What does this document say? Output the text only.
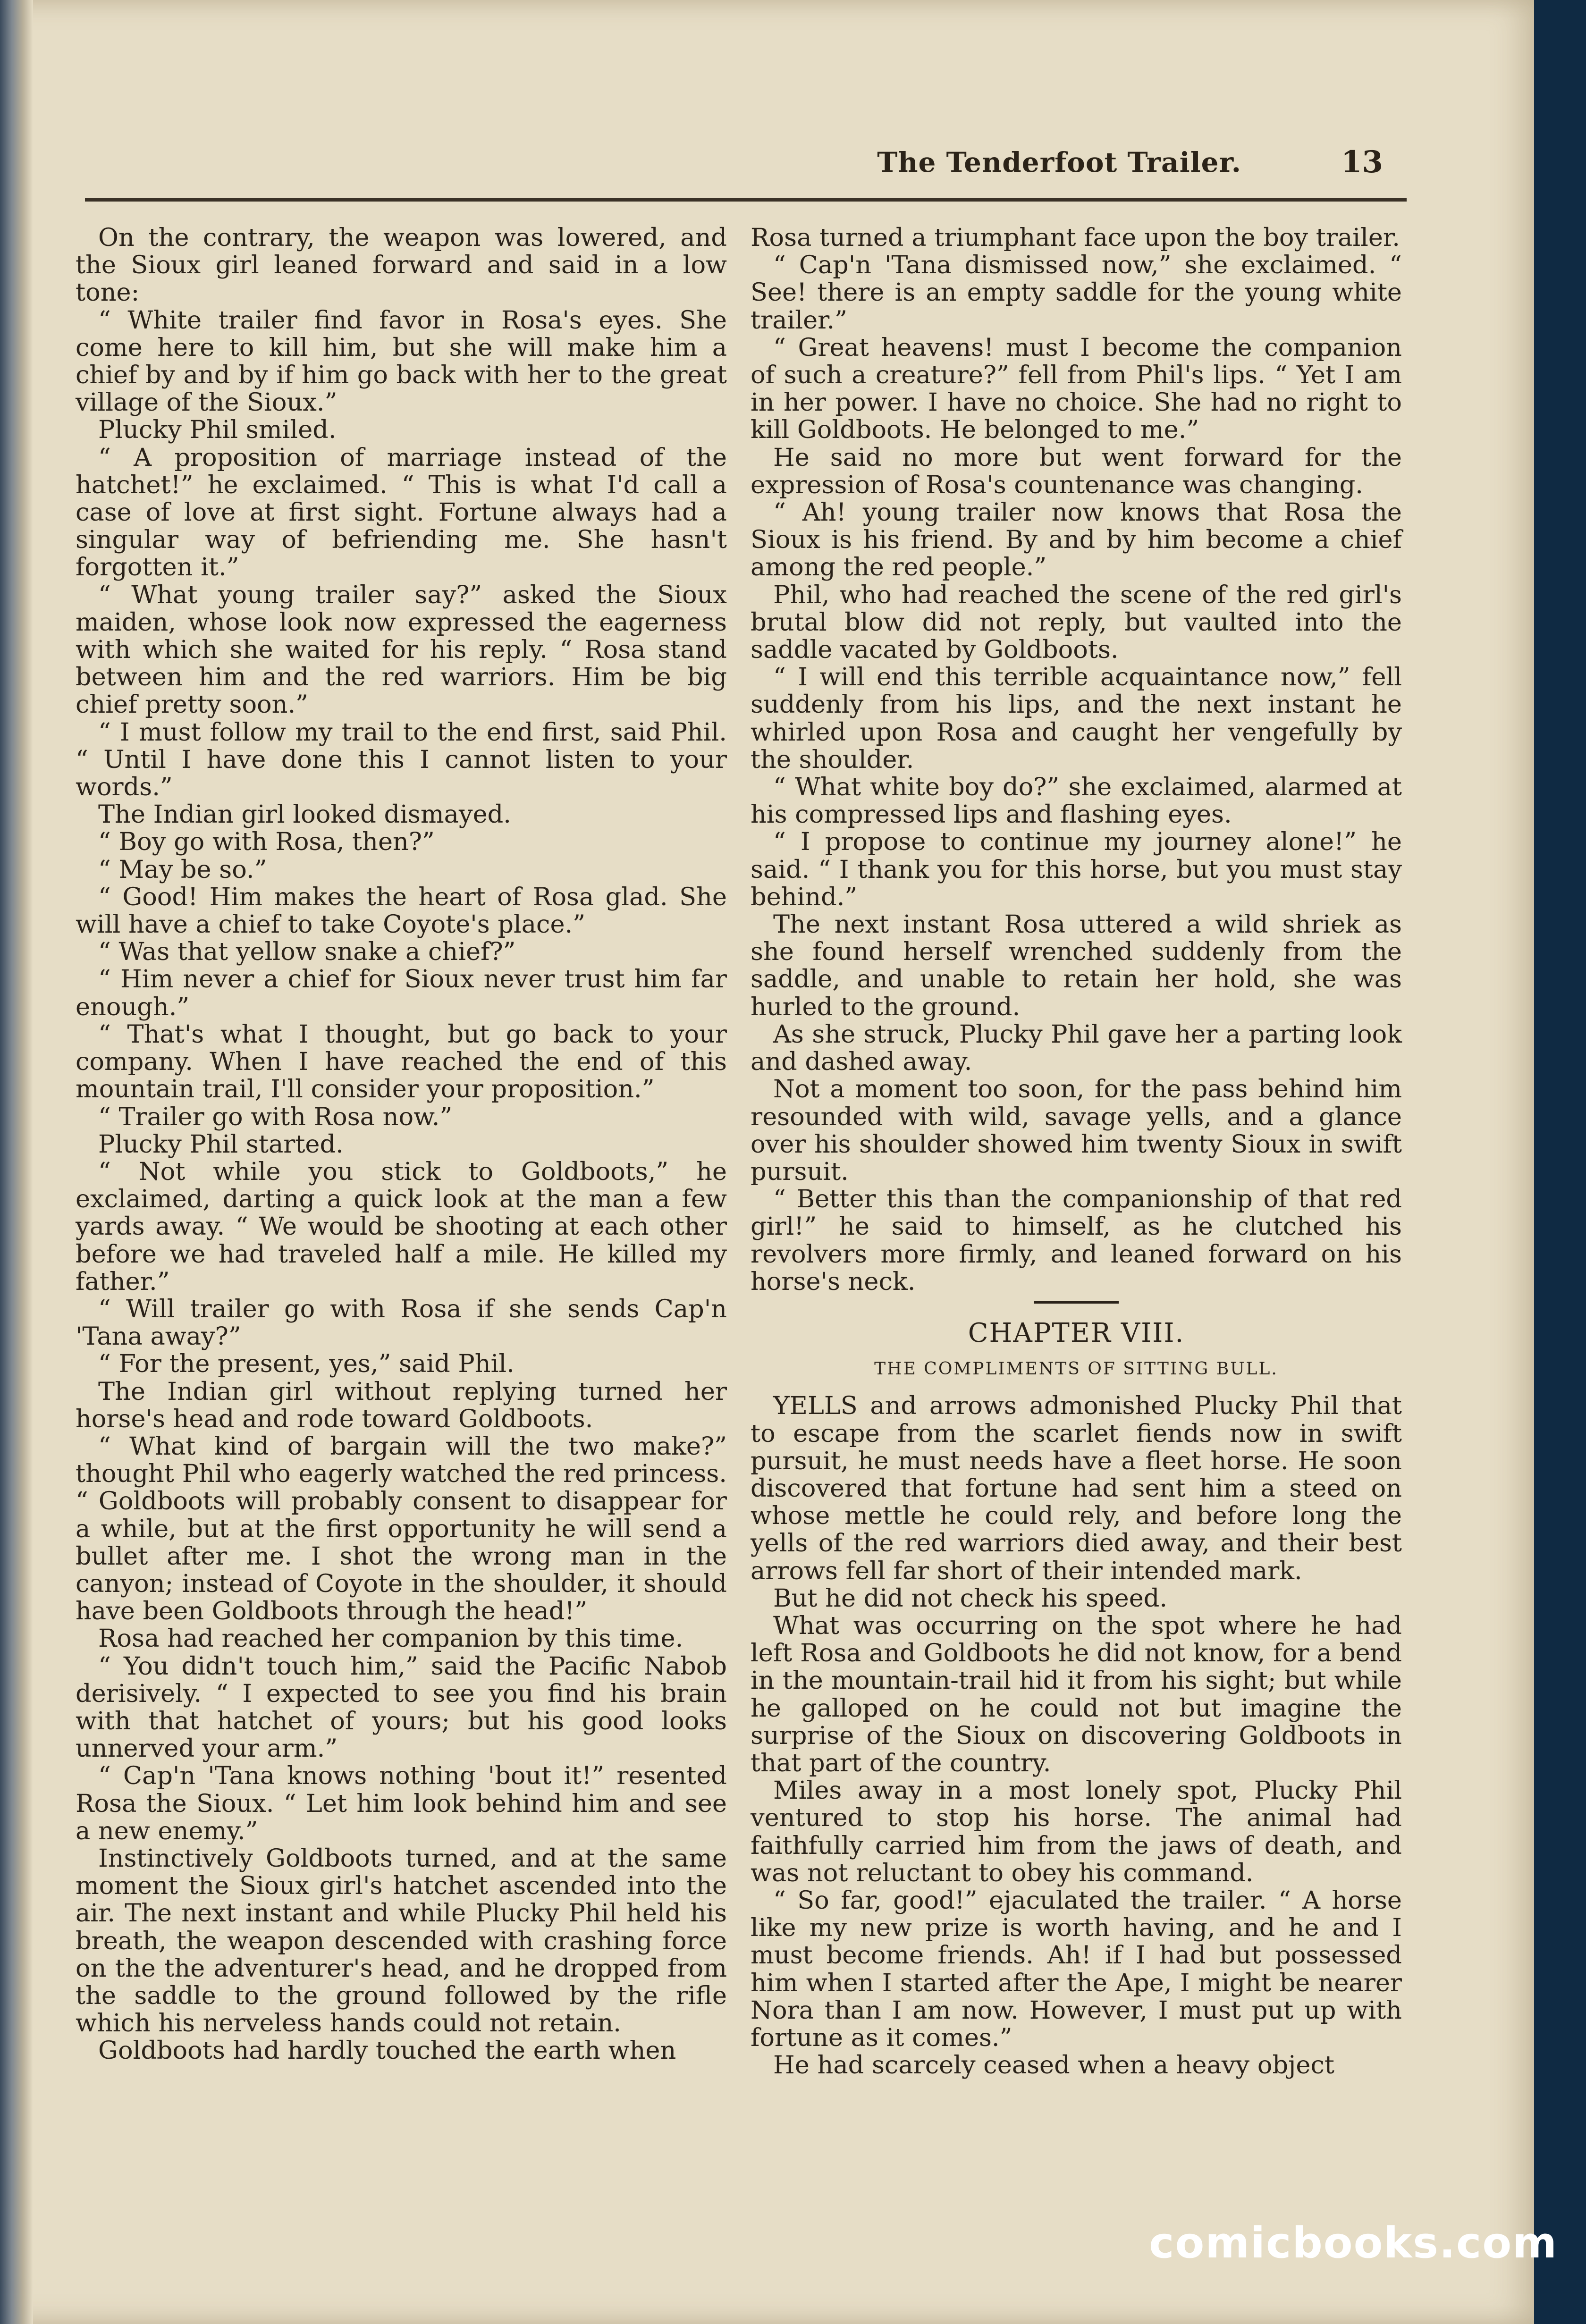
The Tenderfoot Trailer.	13

On the contrary, the weapon was lowered, and the Sioux girl leaned forward and said in a low tone:

“ White trailer find favor in Rosa's eyes. She come here to kill him, but she will make him a chief by and by if him go back with her to the great village of the Sioux.”

Plucky Phil smiled.

“ A proposition of marriage instead of the hatchet!” he exclaimed. “ This is what I'd call a case of love at first sight. Fortune always had a singular way of befriending me. She hasn't forgotten it.”

“ What young trailer say?” asked the Sioux maiden, whose look now expressed the eagerness with which she waited for his reply. “ Rosa stand between him and the red warriors. Him be big chief pretty soon.”

“ I must follow my trail to the end first, said Phil. “ Until I have done this I cannot listen to your words.”

The Indian girl looked dismayed.

“ Boy go with Rosa, then?”

“ May be so.”

“ Good! Him makes the heart of Rosa glad. She will have a chief to take Coyote's place.”

“ Was that yellow snake a chief?”

“ Him never a chief for Sioux never trust him far enough.”

“ That's what I thought, but go back to your company. When I have reached the end of this mountain trail, I'll consider your proposition.”

“ Trailer go with Rosa now.”

Plucky Phil started.

“ Not while you stick to Goldboots,” he exclaimed, darting a quick look at the man a few yards away. “ We would be shooting at each other before we had traveled half a mile. He killed my father.”

“ Will trailer go with Rosa if she sends Cap'n 'Tana away?”

“ For the present, yes,” said Phil.

The Indian girl without replying turned her horse's head and rode toward Goldboots.

“ What kind of bargain will the two make?” thought Phil who eagerly watched the red princess. “ Goldboots will probably consent to disappear for a while, but at the first opportunity he will send a bullet after me. I shot the wrong man in the canyon; instead of Coyote in the shoulder, it should have been Goldboots through the head!”

Rosa had reached her companion by this time.

“ You didn't touch him,” said the Pacific Nabob derisively. “ I expected to see you find his brain with that hatchet of yours; but his good looks unnerved your arm.”

“ Cap'n 'Tana knows nothing 'bout it!” resented Rosa the Sioux. “ Let him look behind him and see a new enemy.”

Instinctively Goldboots turned, and at the same moment the Sioux girl's hatchet ascended into the air. The next instant and while Plucky Phil held his breath, the weapon descended with crashing force on the the adventurer's head, and he dropped from the saddle to the ground followed by the rifle which his nerveless hands could not retain.

Goldboots had hardly touched the earth when

Rosa turned a triumphant face upon the boy trailer.

“ Cap'n 'Tana dismissed now,” she exclaimed. “ See! there is an empty saddle for the young white trailer.”

“ Great heavens! must I become the companion of such a creature?” fell from Phil's lips. “ Yet I am in her power. I have no choice. She had no right to kill Goldboots. He belonged to me.”

He said no more but went forward for the expression of Rosa's countenance was changing.

“ Ah! young trailer now knows that Rosa the Sioux is his friend. By and by him become a chief among the red people.”

Phil, who had reached the scene of the red girl's brutal blow did not reply, but vaulted into the saddle vacated by Goldboots.

“ I will end this terrible acquaintance now,” fell suddenly from his lips, and the next instant he whirled upon Rosa and caught her vengefully by the shoulder.

“ What white boy do?” she exclaimed, alarmed at his compressed lips and flashing eyes.

“ I propose to continue my journey alone!” he said. “ I thank you for this horse, but you must stay behind.”

The next instant Rosa uttered a wild shriek as she found herself wrenched suddenly from the saddle, and unable to retain her hold, she was hurled to the ground.

As she struck, Plucky Phil gave her a parting look and dashed away.

Not a moment too soon, for the pass behind him resounded with wild, savage yells, and a glance over his shoulder showed him twenty Sioux in swift pursuit.

“ Better this than the companionship of that red girl!” he said to himself, as he clutched his revolvers more firmly, and leaned forward on his horse's neck.

CHAPTER VIII.
THE COMPLIMENTS OF SITTING BULL.

YELLS and arrows admonished Plucky Phil that to escape from the scarlet fiends now in swift pursuit, he must needs have a fleet horse. He soon discovered that fortune had sent him a steed on whose mettle he could rely, and before long the yells of the red warriors died away, and their best arrows fell far short of their intended mark.

But he did not check his speed.

What was occurring on the spot where he had left Rosa and Goldboots he did not know, for a bend in the mountain-trail hid it from his sight; but while he galloped on he could not but imagine the surprise of the Sioux on discovering Goldboots in that part of the country.

Miles away in a most lonely spot, Plucky Phil ventured to stop his horse. The animal had faithfully carried him from the jaws of death, and was not reluctant to obey his command.

“ So far, good!” ejaculated the trailer. “ A horse like my new prize is worth having, and he and I must become friends. Ah! if I had but possessed him when I started after the Ape, I might be nearer Nora than I am now. However, I must put up with fortune as it comes.”

He had scarcely ceased when a heavy object

comicbooks.com
